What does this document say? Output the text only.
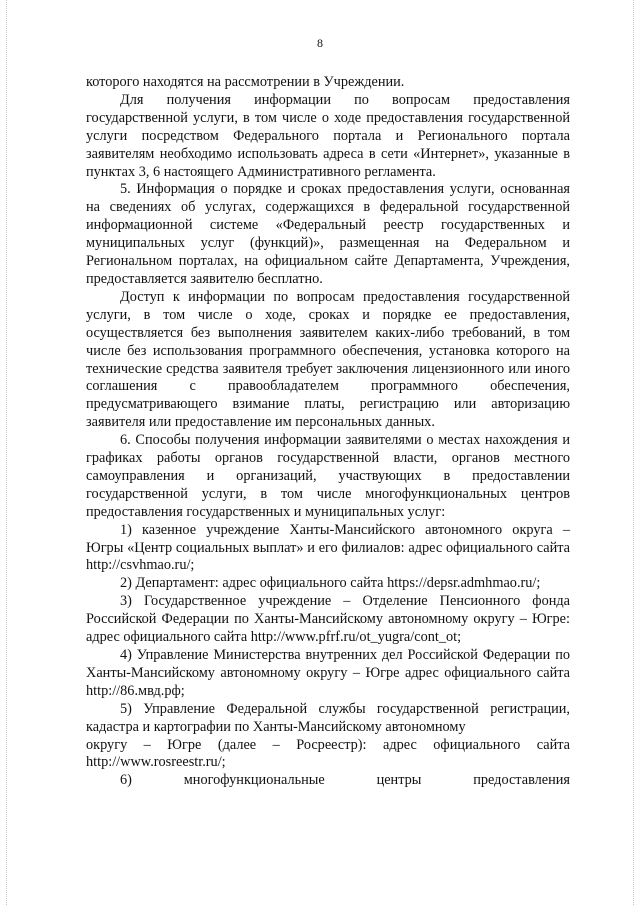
8

которого находятся на рассмотрении в Учреждении.

Для получения информации по вопросам предоставления государственной услуги, в том числе о ходе предоставления государственной услуги посредством Федерального портала и Регионального портала заявителям необходимо использовать адреса в сети «Интернет», указанные в пунктах 3, 6 настоящего Административного регламента.

5. Информация о порядке и сроках предоставления услуги, основанная на сведениях об услугах, содержащихся в федеральной государственной информационной системе «Федеральный реестр государственных и муниципальных услуг (функций)», размещенная на Федеральном и Региональном порталах, на официальном сайте Департамента, Учреждения, предоставляется заявителю бесплатно.

Доступ к информации по вопросам предоставления государственной услуги, в том числе о ходе, сроках и порядке ее предоставления, осуществляется без выполнения заявителем каких-либо требований, в том числе без использования программного обеспечения, установка которого на технические средства заявителя требует заключения лицензионного или иного соглашения с правообладателем программного обеспечения, предусматривающего взимание платы, регистрацию или авторизацию заявителя или предоставление им персональных данных.

6. Способы получения информации заявителями о местах нахождения и графиках работы органов государственной власти, органов местного самоуправления и организаций, участвующих в предоставлении государственной услуги, в том числе многофункциональных центров предоставления государственных и муниципальных услуг:

1) казенное учреждение Ханты-Мансийского автономного округа – Югры «Центр социальных выплат» и его филиалов: адрес официального сайта http://csvhmao.ru/;

2) Департамент: адрес официального сайта https://depsr.admhmao.ru/;

3) Государственное учреждение – Отделение Пенсионного фонда Российской Федерации по Ханты-Мансийскому автономному округу – Югре: адрес официального сайта http://www.pfrf.ru/ot_yugra/cont_ot;

4) Управление Министерства внутренних дел Российской Федерации по Ханты-Мансийскому автономному округу – Югре адрес официального сайта http://86.мвд.рф;

5) Управление Федеральной службы государственной регистрации, кадастра и картографии по Ханты-Мансийскому автономному

округу – Югре (далее – Росреестр): адрес официального сайта http://www.rosreestr.ru/;

6) многофункциональные центры предоставления
